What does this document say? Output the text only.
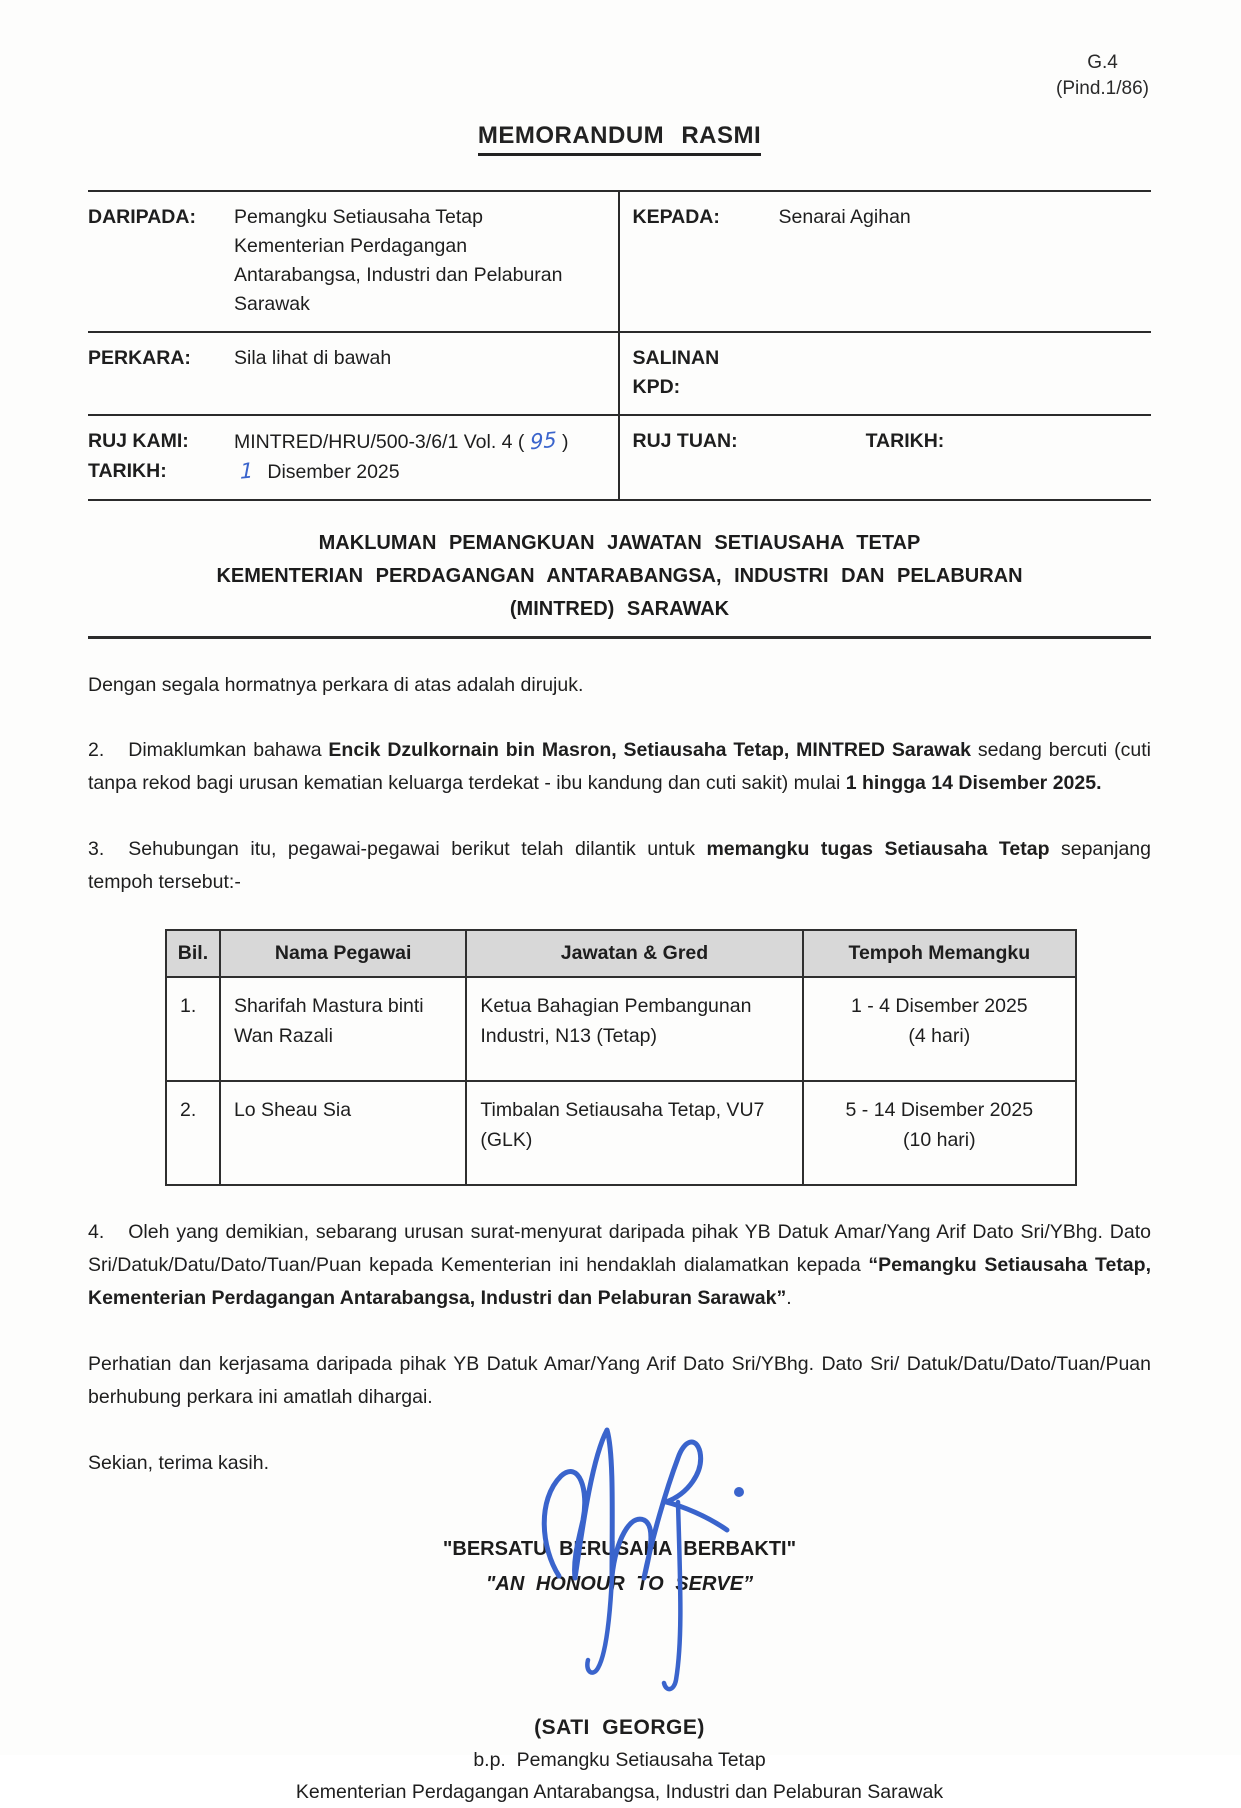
G.4
(Pind.1/86)
MEMORANDUM RASMI
DARIPADA:	Pemangku Setiausaha Tetap
Kementerian Perdagangan
Antarabangsa, Industri dan Pelaburan
Sarawak
KEPADA:	Senarai Agihan
PERKARA:	Sila lihat di bawah	SALINAN
KPD:
RUJ KAMI:	MINTRED/HRU/500-3/6/1 Vol. 4 ( 95 )
TARIKH:	1 Disember 2025
RUJ TUAN:	TARIKH:
MAKLUMAN PEMANGKUAN JAWATAN SETIAUSAHA TETAP
KEMENTERIAN PERDAGANGAN ANTARABANGSA, INDUSTRI DAN PELABURAN
(MINTRED) SARAWAK

Dengan segala hormatnya perkara di atas adalah dirujuk.

2. Dimaklumkan bahawa Encik Dzulkornain bin Masron, Setiausaha Tetap, MINTRED Sarawak sedang bercuti (cuti tanpa rekod bagi urusan kematian keluarga terdekat - ibu kandung dan cuti sakit) mulai 1 hingga 14 Disember 2025.

3. Sehubungan itu, pegawai-pegawai berikut telah dilantik untuk memangku tugas Setiausaha Tetap sepanjang tempoh tersebut:-

Bil.	Nama Pegawai	Jawatan & Gred	Tempoh Memangku
1.	Sharifah Mastura binti Wan Razali	Ketua Bahagian Pembangunan Industri, N13 (Tetap)	1 - 4 Disember 2025
(4 hari)

2.	Lo Sheau Sia	Timbalan Setiausaha Tetap, VU7 (GLK)	5 - 14 Disember 2025
(10 hari)

4. Oleh yang demikian, sebarang urusan surat-menyurat daripada pihak YB Datuk Amar/Yang Arif Dato Sri/YBhg. Dato Sri/Datuk/Datu/Dato/Tuan/Puan kepada Kementerian ini hendaklah dialamatkan kepada “Pemangku Setiausaha Tetap, Kementerian Perdagangan Antarabangsa, Industri dan Pelaburan Sarawak”.

Perhatian dan kerjasama daripada pihak YB Datuk Amar/Yang Arif Dato Sri/YBhg. Dato Sri/ Datuk/Datu/Dato/Tuan/Puan berhubung perkara ini amatlah dihargai.

Sekian, terima kasih.

"BERSATU BERUSAHA BERBAKTI"
"AN HONOUR TO SERVE”
(SATI GEORGE)
b.p.  Pemangku Setiausaha Tetap
Kementerian Perdagangan Antarabangsa, Industri dan Pelaburan Sarawak
